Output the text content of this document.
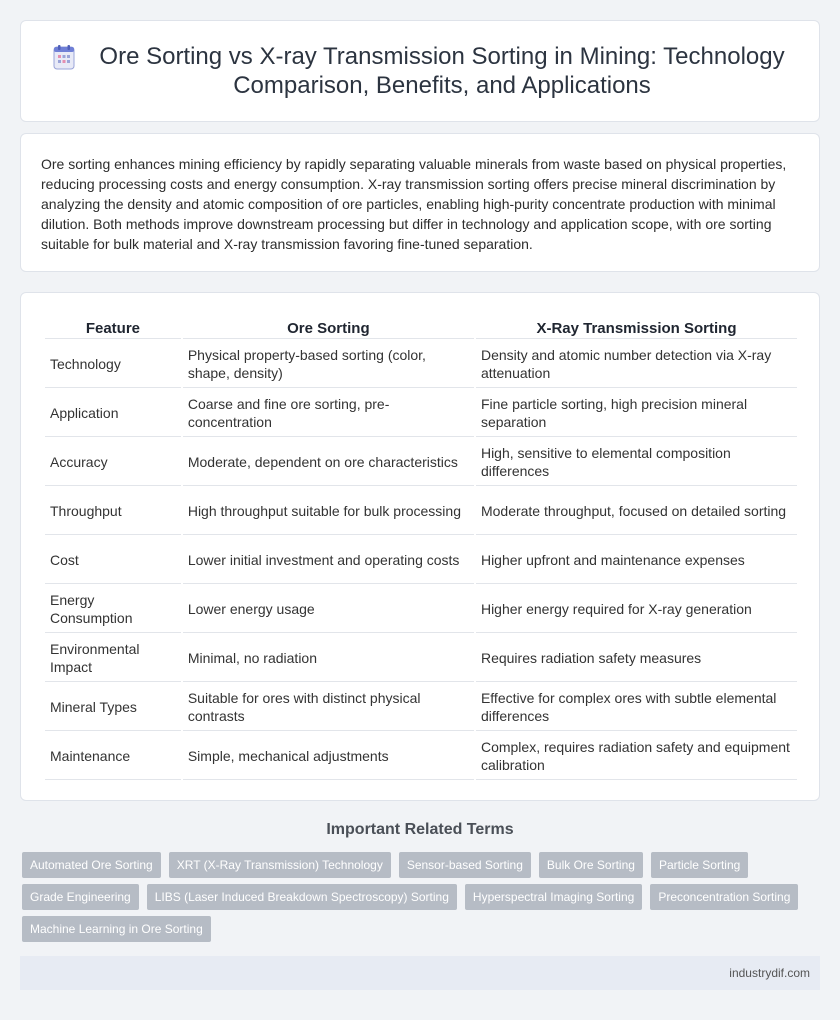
Ore Sorting vs X-ray Transmission Sorting in Mining: Technology Comparison, Benefits, and Applications

Ore sorting enhances mining efficiency by rapidly separating valuable minerals from waste based on physical properties, reducing processing costs and energy consumption. X-ray transmission sorting offers precise mineral discrimination by analyzing the density and atomic composition of ore particles, enabling high-purity concentrate production with minimal dilution. Both methods improve downstream processing but differ in technology and application scope, with ore sorting suitable for bulk material and X-ray transmission favoring fine-tuned separation.

Feature	Ore Sorting	X-Ray Transmission Sorting
Technology	Physical property-based sorting (color, shape, density)	Density and atomic number detection via X-ray attenuation
Application	Coarse and fine ore sorting, pre-concentration	Fine particle sorting, high precision mineral separation
Accuracy	Moderate, dependent on ore characteristics	High, sensitive to elemental composition differences
Throughput	High throughput suitable for bulk processing	Moderate throughput, focused on detailed sorting
Cost	Lower initial investment and operating costs	Higher upfront and maintenance expenses
Energy Consumption	Lower energy usage	Higher energy required for X-ray generation
Environmental Impact	Minimal, no radiation	Requires radiation safety measures
Mineral Types	Suitable for ores with distinct physical contrasts	Effective for complex ores with subtle elemental differences
Maintenance	Simple, mechanical adjustments	Complex, requires radiation safety and equipment calibration
Important Related Terms
Automated Ore Sorting	XRT (X-Ray Transmission) Technology	Sensor-based Sorting	Bulk Ore Sorting	Particle Sorting
Grade Engineering	LIBS (Laser Induced Breakdown Spectroscopy) Sorting	Hyperspectral Imaging Sorting	Preconcentration Sorting
Machine Learning in Ore Sorting
industrydif.com
